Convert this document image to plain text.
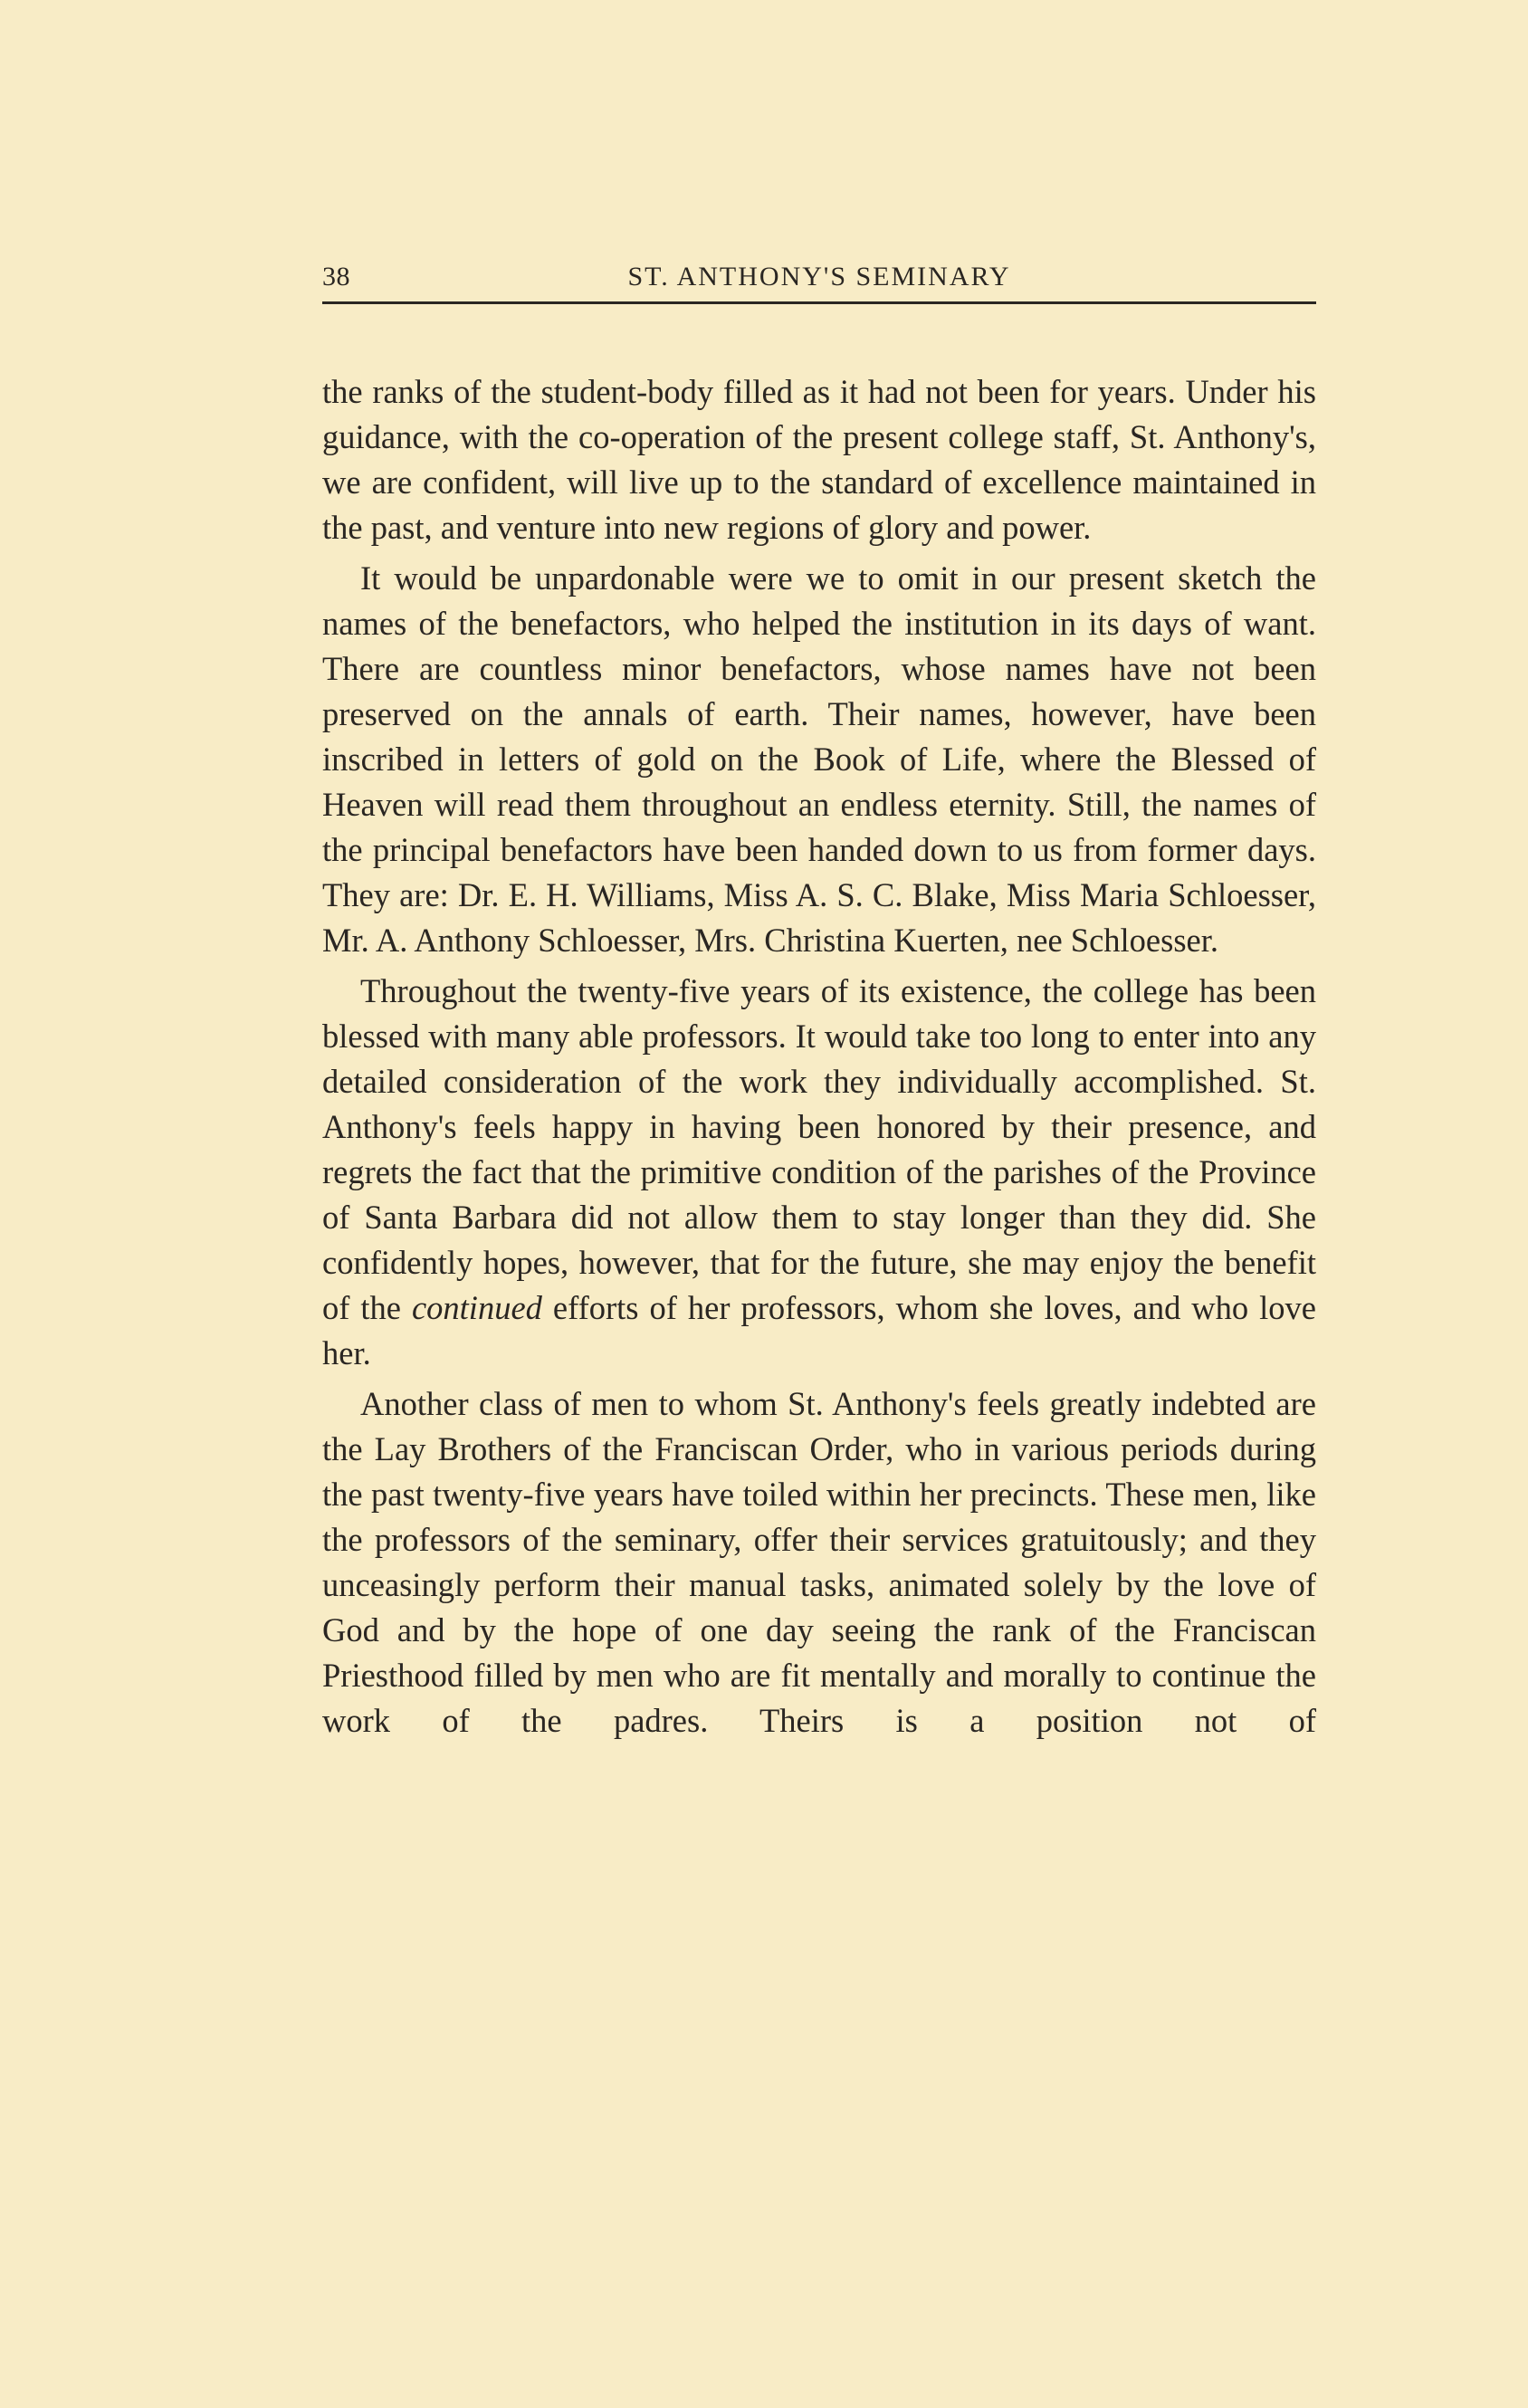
38	ST. ANTHONY'S SEMINARY

the ranks of the student-body filled as it had not been for years. Under his guidance, with the co-operation of the present college staff, St. Anthony's, we are confident, will live up to the standard of excellence maintained in the past, and venture into new regions of glory and power.

It would be unpardonable were we to omit in our present sketch the names of the benefactors, who helped the institution in its days of want. There are countless minor benefactors, whose names have not been preserved on the annals of earth. Their names, however, have been inscribed in letters of gold on the Book of Life, where the Blessed of Heaven will read them throughout an endless eternity. Still, the names of the principal benefactors have been handed down to us from former days. They are: Dr. E. H. Williams, Miss A. S. C. Blake, Miss Maria Schloesser, Mr. A. Anthony Schloesser, Mrs. Christina Kuerten, nee Schloesser.

Throughout the twenty-five years of its existence, the college has been blessed with many able professors. It would take too long to enter into any detailed consideration of the work they individually accomplished. St. Anthony's feels happy in having been honored by their presence, and regrets the fact that the primitive condition of the parishes of the Province of Santa Barbara did not allow them to stay longer than they did. She confidently hopes, however, that for the future, she may enjoy the benefit of the continued efforts of her professors, whom she loves, and who love her.

Another class of men to whom St. Anthony's feels greatly indebted are the Lay Brothers of the Franciscan Order, who in various periods during the past twenty-five years have toiled within her precincts. These men, like the professors of the seminary, offer their services gratuitously; and they unceasingly perform their manual tasks, animated solely by the love of God and by the hope of one day seeing the rank of the Franciscan Priesthood filled by men who are fit mentally and morally to continue the work of the padres. Theirs is a position not of
